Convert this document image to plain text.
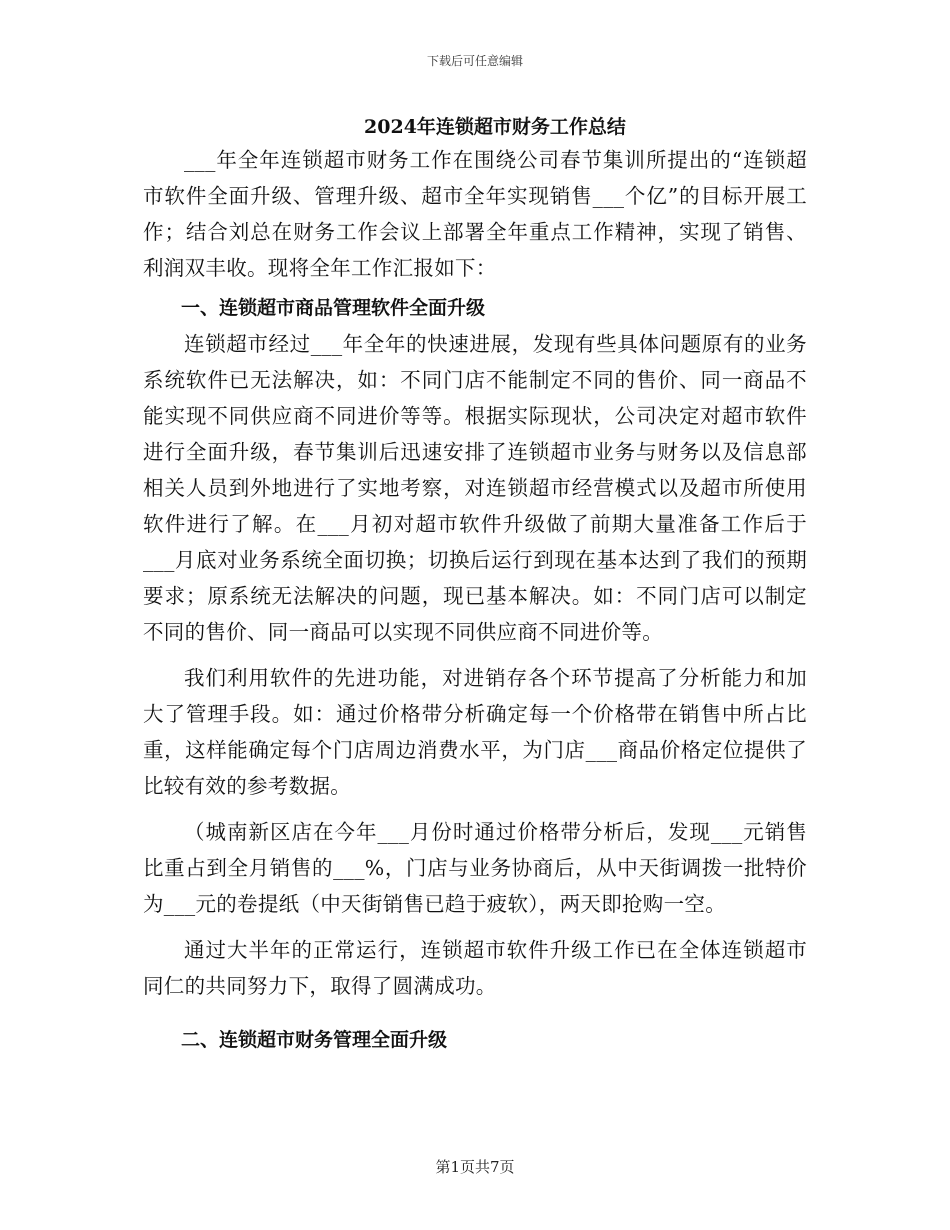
下载后可任意编辑
2024年连锁超市财务工作总结

___年全年连锁超市财务工作在围绕公司春节集训所提出的“连锁超市软件全面升级、管理升级、超市全年实现销售___个亿”的目标开展工作；结合刘总在财务工作会议上部署全年重点工作精神，实现了销售、利润双丰收。现将全年工作汇报如下：

一、连锁超市商品管理软件全面升级

连锁超市经过___年全年的快速进展，发现有些具体问题原有的业务系统软件已无法解决，如：不同门店不能制定不同的售价、同一商品不能实现不同供应商不同进价等等。根据实际现状，公司决定对超市软件进行全面升级，春节集训后迅速安排了连锁超市业务与财务以及信息部相关人员到外地进行了实地考察，对连锁超市经营模式以及超市所使用软件进行了解。在___月初对超市软件升级做了前期大量准备工作后于___月底对业务系统全面切换；切换后运行到现在基本达到了我们的预期要求；原系统无法解决的问题，现已基本解决。如：不同门店可以制定不同的售价、同一商品可以实现不同供应商不同进价等。

我们利用软件的先进功能，对进销存各个环节提高了分析能力和加大了管理手段。如：通过价格带分析确定每一个价格带在销售中所占比重，这样能确定每个门店周边消费水平，为门店___商品价格定位提供了比较有效的参考数据。

（城南新区店在今年___月份时通过价格带分析后，发现___元销售比重占到全月销售的___%，门店与业务协商后，从中天街调拨一批特价为___元的卷提纸（中天街销售已趋于疲软），两天即抢购一空。

通过大半年的正常运行，连锁超市软件升级工作已在全体连锁超市同仁的共同努力下，取得了圆满成功。

二、连锁超市财务管理全面升级

第1页共7页
